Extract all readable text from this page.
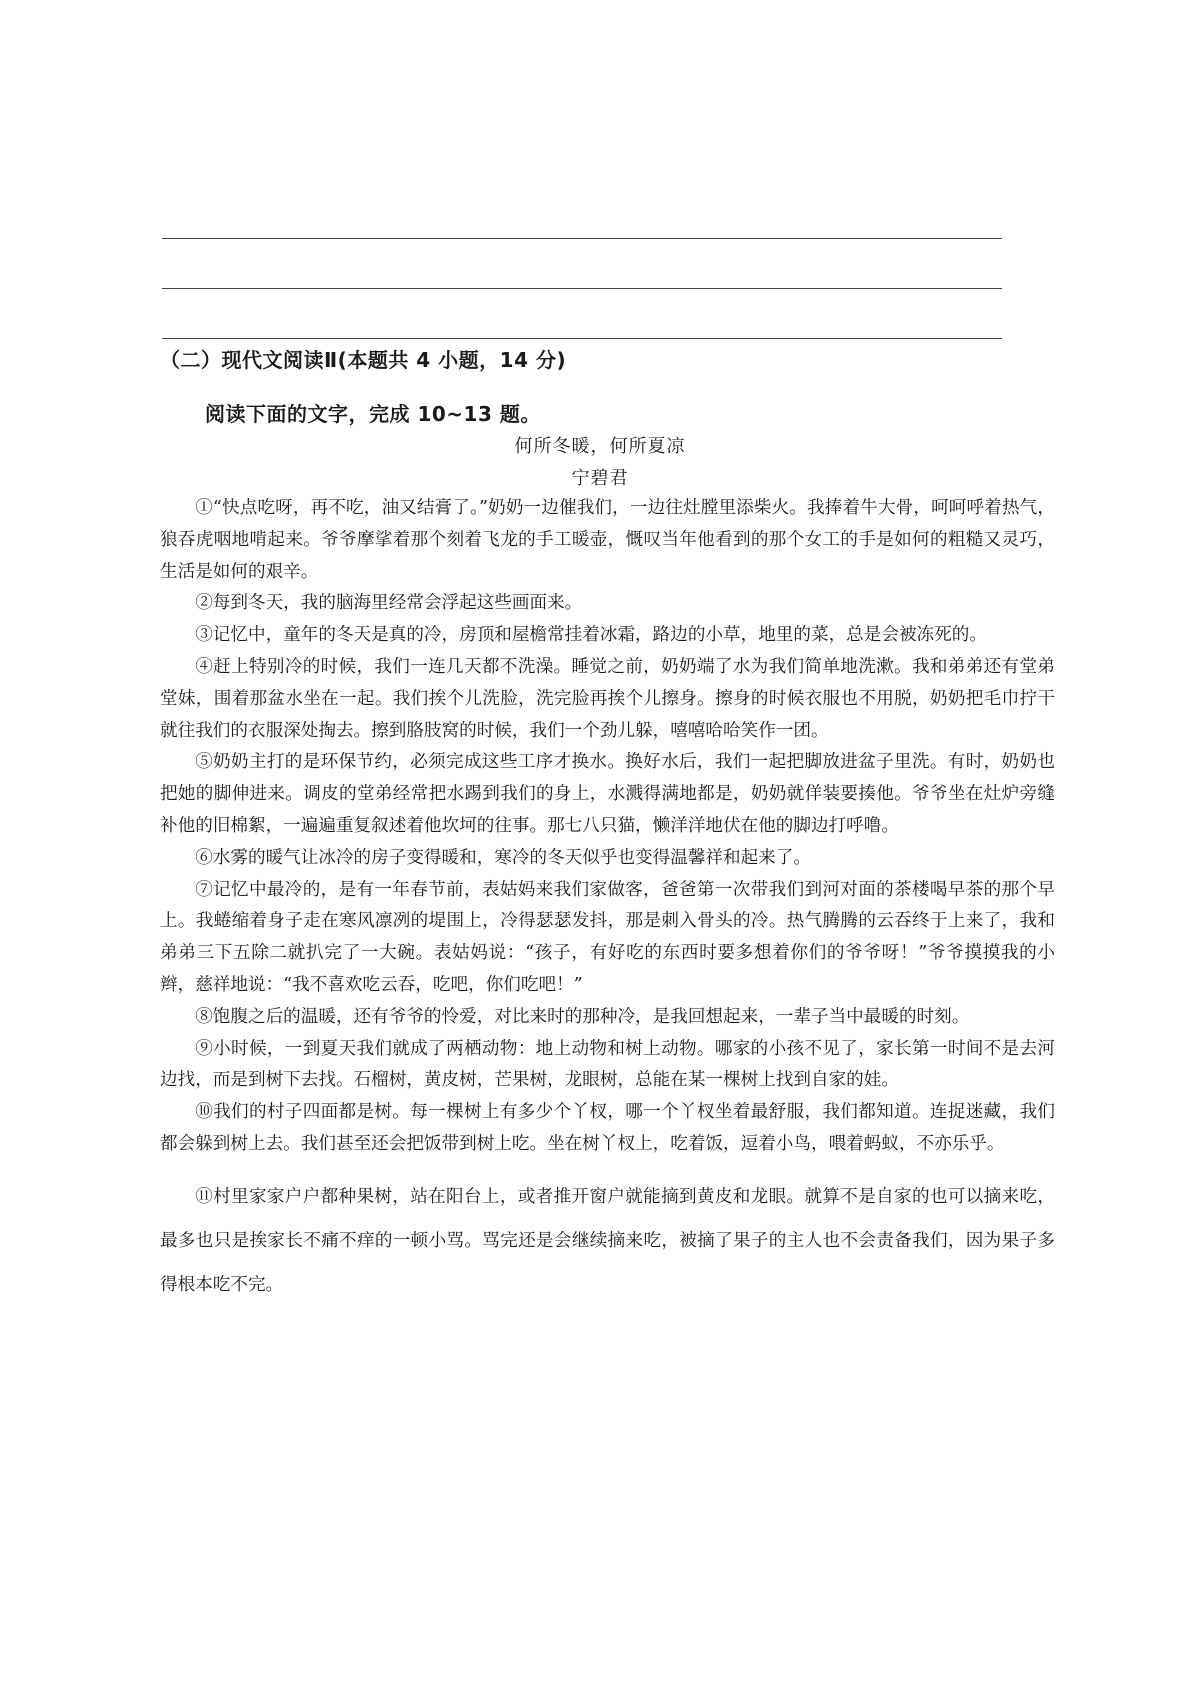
（二）现代文阅读Ⅱ(本题共 4 小题，14 分)
阅读下面的文字，完成 10~13 题。
何所冬暖，何所夏凉
宁碧君

①“快点吃呀，再不吃，油又结膏了。”奶奶一边催我们，一边往灶膛里添柴火。我捧着牛大骨，呵呵呼着热气，狼吞虎咽地啃起来。爷爷摩挲着那个刻着飞龙的手工暖壶，慨叹当年他看到的那个女工的手是如何的粗糙又灵巧，生活是如何的艰辛。

②每到冬天，我的脑海里经常会浮起这些画面来。

③记忆中，童年的冬天是真的冷，房顶和屋檐常挂着冰霜，路边的小草，地里的菜，总是会被冻死的。

④赶上特别冷的时候，我们一连几天都不洗澡。睡觉之前，奶奶端了水为我们简单地洗漱。我和弟弟还有堂弟堂妹，围着那盆水坐在一起。我们挨个儿洗脸，洗完脸再挨个儿擦身。擦身的时候衣服也不用脱，奶奶把毛巾拧干就往我们的衣服深处掏去。擦到胳肢窝的时候，我们一个劲儿躲，嘻嘻哈哈笑作一团。

⑤奶奶主打的是环保节约，必须完成这些工序才换水。换好水后，我们一起把脚放进盆子里洗。有时，奶奶也把她的脚伸进来。调皮的堂弟经常把水踢到我们的身上，水溅得满地都是，奶奶就佯装要揍他。爷爷坐在灶炉旁缝补他的旧棉絮，一遍遍重复叙述着他坎坷的往事。那七八只猫，懒洋洋地伏在他的脚边打呼噜。

⑥水雾的暖气让冰冷的房子变得暖和，寒冷的冬天似乎也变得温馨祥和起来了。

⑦记忆中最冷的，是有一年春节前，表姑妈来我们家做客，爸爸第一次带我们到河对面的茶楼喝早茶的那个早上。我蜷缩着身子走在寒风凛冽的堤围上，冷得瑟瑟发抖，那是刺入骨头的冷。热气腾腾的云吞终于上来了，我和弟弟三下五除二就扒完了一大碗。表姑妈说：“孩子，有好吃的东西时要多想着你们的爷爷呀！”爷爷摸摸我的小辫，慈祥地说：“我不喜欢吃云吞，吃吧，你们吃吧！”

⑧饱腹之后的温暖，还有爷爷的怜爱，对比来时的那种冷，是我回想起来，一辈子当中最暖的时刻。

⑨小时候，一到夏天我们就成了两栖动物：地上动物和树上动物。哪家的小孩不见了，家长第一时间不是去河边找，而是到树下去找。石榴树，黄皮树，芒果树，龙眼树，总能在某一棵树上找到自家的娃。

⑩我们的村子四面都是树。每一棵树上有多少个丫杈，哪一个丫杈坐着最舒服，我们都知道。连捉迷藏，我们都会躲到树上去。我们甚至还会把饭带到树上吃。坐在树丫杈上，吃着饭，逗着小鸟，喂着蚂蚁，不亦乐乎。

⑪村里家家户户都种果树，站在阳台上，或者推开窗户就能摘到黄皮和龙眼。就算不是自家的也可以摘来吃，最多也只是挨家长不痛不痒的一顿小骂。骂完还是会继续摘来吃，被摘了果子的主人也不会责备我们，因为果子多得根本吃不完。
